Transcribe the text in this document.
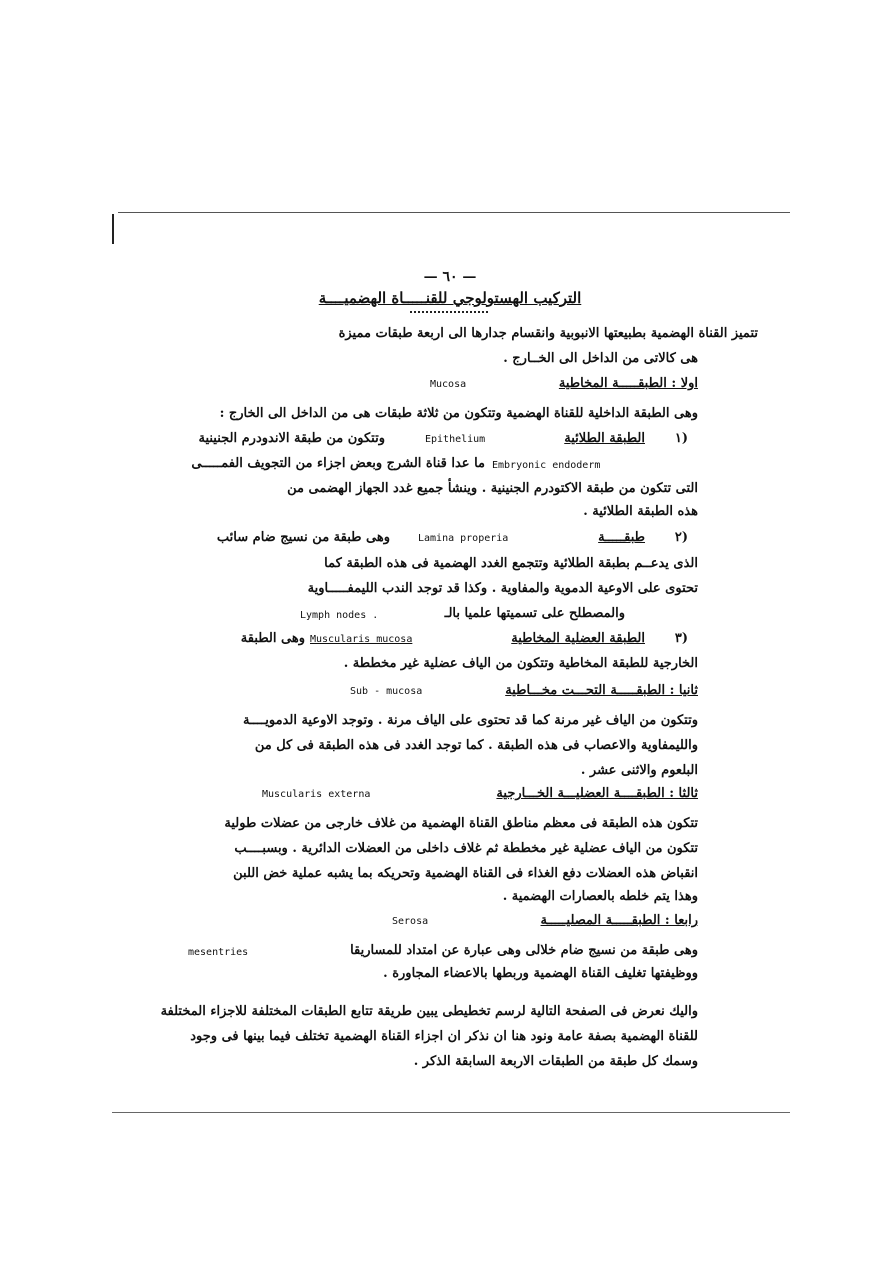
— ٦٠ —
التركيب الهستولوجي للقنـــــاة الهضميــــة
تتميز القناة الهضمية بطبيعتها الانبوبية وانقسام جدارها الى اربعة طبقات مميزة
هى كالاتى من الداخل الى الخــارج .
اولا : الطبقـــــة المخاطية
Mucosa
وهى الطبقة الداخلية للقناة الهضمية وتتكون من ثلاثة طبقات هى من الداخل الى الخارج :
١)
الطبقة الطلائية
Epithelium
وتتكون من طبقة الاندودرم الجنينية
Embryonic endoderm
ما عدا قناة الشرج وبعض اجزاء من التجويف الفمـــــى
التى تتكون من طبقة الاكتودرم الجنينية . وينشأ جميع غدد الجهاز الهضمى من
هذه الطبقة الطلائية .
٢)
طبقـــــة
Lamina properia
وهى طبقة من نسيج ضام سائب
الذى يدعــم بطبقة الطلائية وتتجمع الغدد الهضمية فى هذه الطبقة كما
تحتوى على الاوعية الدموية والمفاوية . وكذا قد توجد الندب الليمفـــــاوية
والمصطلح على تسميتها علميا بالـ
Lymph nodes .
٣)
الطبقة العضلية المخاطية
Muscularis mucosa
وهى الطبقة
الخارجية للطبقة المخاطية وتتكون من الياف عضلية غير مخططة .
ثانيا : الطبقـــــة التحـــت مخـــاطية
Sub - mucosa
وتتكون من الياف غير مرنة كما قد تحتوى على الياف مرنة . وتوجد الاوعية الدمويــــة
والليمفاوية والاعصاب فى هذه الطبقة . كما توجد الغدد فى هذه الطبقة فى كل من
البلعوم والاثنى عشر .
ثالثا : الطبقــــة العضليـــة الخـــارجية
Muscularis externa
تتكون هذه الطبقة فى معظم مناطق القناة الهضمية من غلاف خارجى من عضلات طولية
تتكون من الياف عضلية غير مخططة ثم غلاف داخلى من العضلات الدائرية . وبسبــــب
انقباض هذه العضلات دفع الغذاء فى القناة الهضمية وتحريكه بما يشبه عملية خض اللبن
وهذا يتم خلطه بالعصارات الهضمية .
رابعا : الطبقـــــة المصليـــــة
Serosa
وهى طبقة من نسيج ضام خلالى وهى عبارة عن امتداد للمساريقا
mesentries
ووظيفتها تغليف القناة الهضمية وربطها بالاعضاء المجاورة .
واليك نعرض فى الصفحة التالية لرسم تخطيطى يبين طريقة تتابع الطبقات المختلفة للاجزاء المختلفة
للقناة الهضمية بصفة عامة ونود هنا ان نذكر ان اجزاء القناة الهضمية تختلف فيما بينها فى وجود
وسمك كل طبقة من الطبقات الاربعة السابقة الذكر .
